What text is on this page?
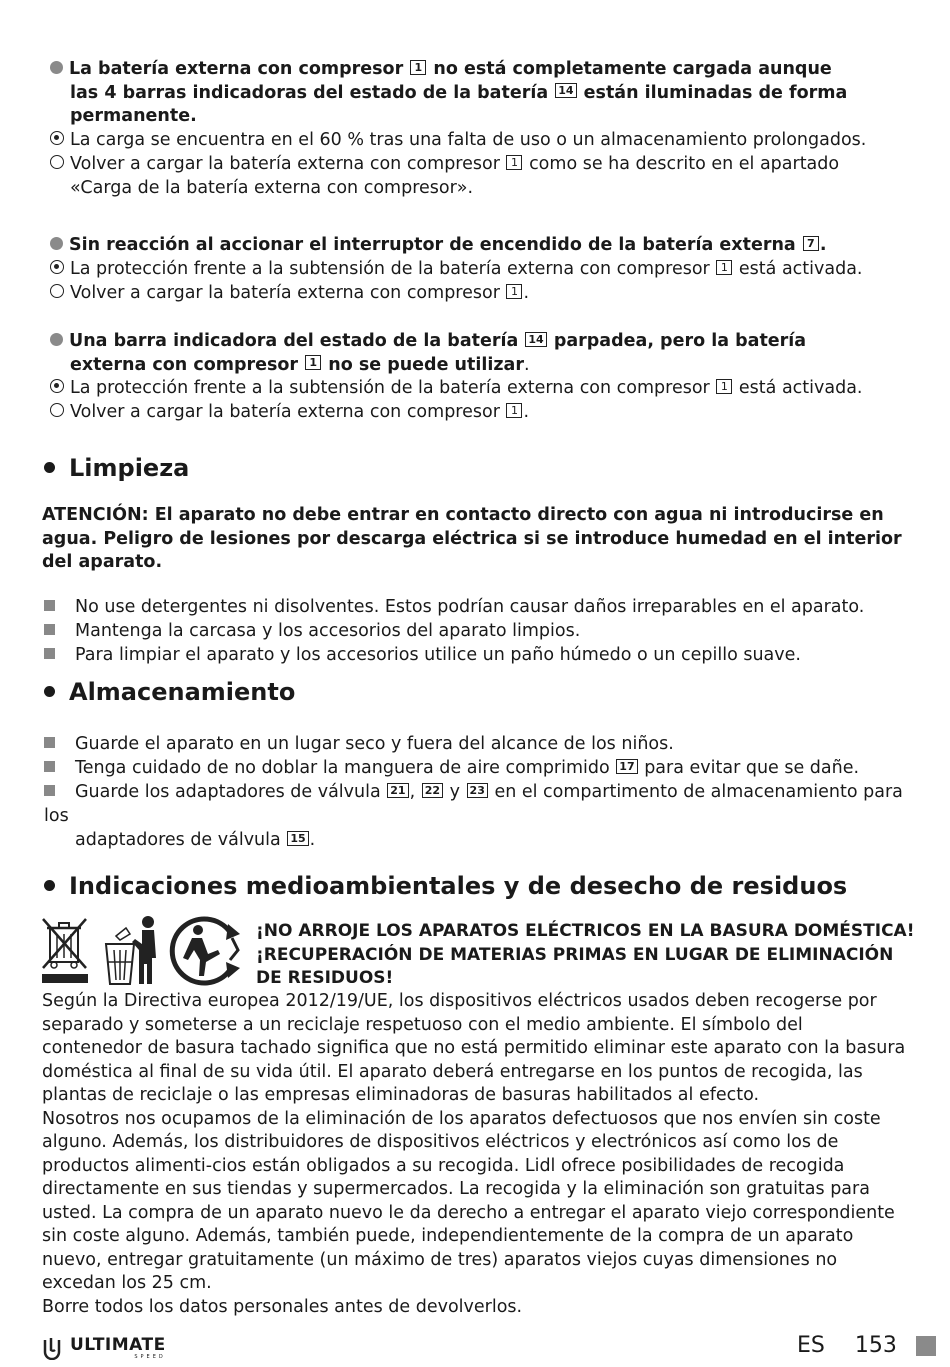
La batería externa con compresor 1 no está completamente cargada aunque
las 4 barras indicadoras del estado de la batería 14 están iluminadas de forma
permanente.
La carga se encuentra en el 60 % tras una falta de uso o un almacenamiento prolongados.
Volver a cargar la batería externa con compresor 1 como se ha descrito en el apartado
«Carga de la batería externa con compresor».
Sin reacción al accionar el interruptor de encendido de la batería externa 7 .
La protección frente a la subtensión de la batería externa con compresor 1 está activada.
Volver a cargar la batería externa con compresor 1 .
Una barra indicadora del estado de la batería 14 parpadea, pero la batería
externa con compresor 1 no se puede utilizar.
La protección frente a la subtensión de la batería externa con compresor 1 está activada.
Volver a cargar la batería externa con compresor 1 .
Limpieza
ATENCIÓN: El aparato no debe entrar en contacto directo con agua ni introducirse en agua. Peligro de lesiones por descarga eléctrica si se introduce humedad en el interior del aparato.
No use detergentes ni disolventes. Estos podrían causar daños irreparables en el aparato.
Mantenga la carcasa y los accesorios del aparato limpios.
Para limpiar el aparato y los accesorios utilice un paño húmedo o un cepillo suave.
Almacenamiento
Guarde el aparato en un lugar seco y fuera del alcance de los niños.
Tenga cuidado de no doblar la manguera de aire comprimido 17 para evitar que se dañe.
Guarde los adaptadores de válvula 21 , 22 y 23 en el compartimento de almacenamiento para los
adaptadores de válvula 15 .
Indicaciones medioambientales y de desecho de residuos
¡NO ARROJE LOS APARATOS ELÉCTRICOS EN LA BASURA DOMÉSTICA!
¡RECUPERACIÓN DE MATERIAS PRIMAS EN LUGAR DE ELIMINACIÓN DE RESIDUOS!
Según la Directiva europea 2012/19/UE, los dispositivos eléctricos usados deben recogerse por separado y someterse a un reciclaje respetuoso con el medio ambiente. El símbolo del contenedor de basura tachado significa que no está permitido eliminar este aparato con la basura doméstica al final de su vida útil. El aparato deberá entregarse en los puntos de recogida, las plantas de reciclaje o las empresas eliminadoras de basuras habilitados al efecto.
Nosotros nos ocupamos de la eliminación de los aparatos defectuosos que nos envíen sin coste alguno. Además, los distribuidores de dispositivos eléctricos y electrónicos así como los de productos alimenti-cios están obligados a su recogida. Lidl ofrece posibilidades de recogida directamente en sus tiendas y supermercados. La recogida y la eliminación son gratuitas para usted. La compra de un aparato nuevo le da derecho a entregar el aparato viejo correspondiente sin coste alguno. Además, también puede, independientemente de la compra de un aparato nuevo, entregar gratuitamente (un máximo de tres) aparatos viejos cuyas dimensiones no excedan los 25 cm.
Borre todos los datos personales antes de devolverlos.
ULTIMATE
SPEED	ES 153
